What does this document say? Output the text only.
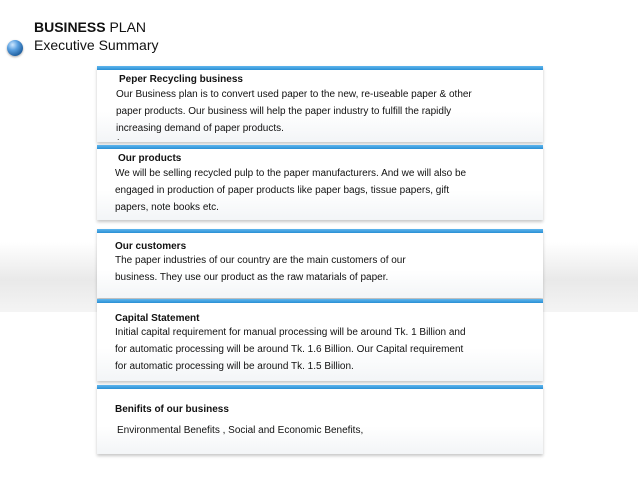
BUSINESS PLAN
Executive Summary
Peper Recycling business
Our Business plan is to convert used paper to the new, re-useable paper & other
paper products. Our business will help the paper industry to fulfill the rapidly
increasing demand of paper products.
.
Our products
We will be selling recycled pulp to the paper manufacturers. And we will also be
engaged in production of paper products like paper bags, tissue papers, gift
papers, note books etc.
Our customers
The paper industries of our country are the main customers of our
business. They use our product as the raw matarials of paper.
Capital Statement
Initial capital requirement for manual processing will be around Tk. 1 Billion and
for automatic processing will be around Tk. 1.6 Billion. Our Capital requirement
for automatic processing will be around Tk. 1.5 Billion.
Benifits of our business
Environmental Benefits , Social and Economic Benefits,
